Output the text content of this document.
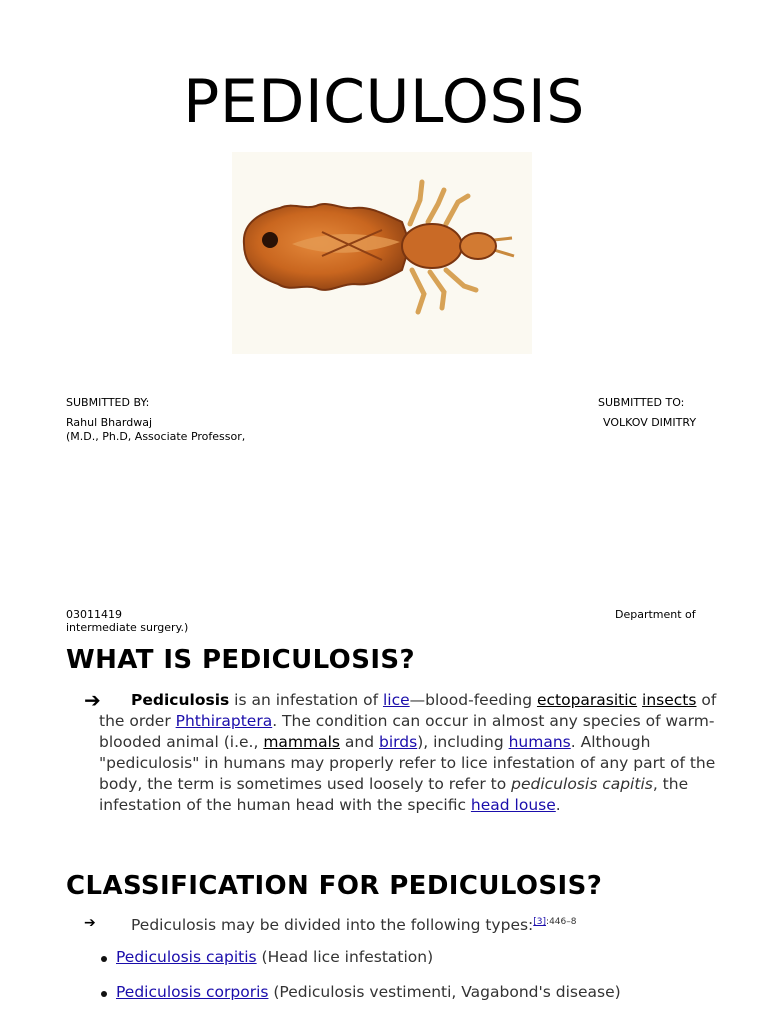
PEDICULOSIS
SUBMITTED BY:
Rahul Bhardwaj
(M.D., Ph.D, Associate Professor,
SUBMITTED TO:
VOLKOV DIMITRY
03011419	Department of
intermediate surgery.)
WHAT IS PEDICULOSIS?
➔	Pediculosis is an infestation of lice—blood-feeding ectoparasitic insects of
the order Phthiraptera. The condition can occur in almost any species of warm-
blooded animal (i.e., mammals and birds), including humans. Although
"pediculosis" in humans may properly refer to lice infestation of any part of the
body, the term is sometimes used loosely to refer to pediculosis capitis, the
infestation of the human head with the specific head louse.
CLASSIFICATION FOR PEDICULOSIS?
➔ Pediculosis may be divided into the following types:$^{[3]:446-8}$
Pediculosis capitis (Head lice infestation)
Pediculosis corporis (Pediculosis vestimenti, Vagabond's disease)
